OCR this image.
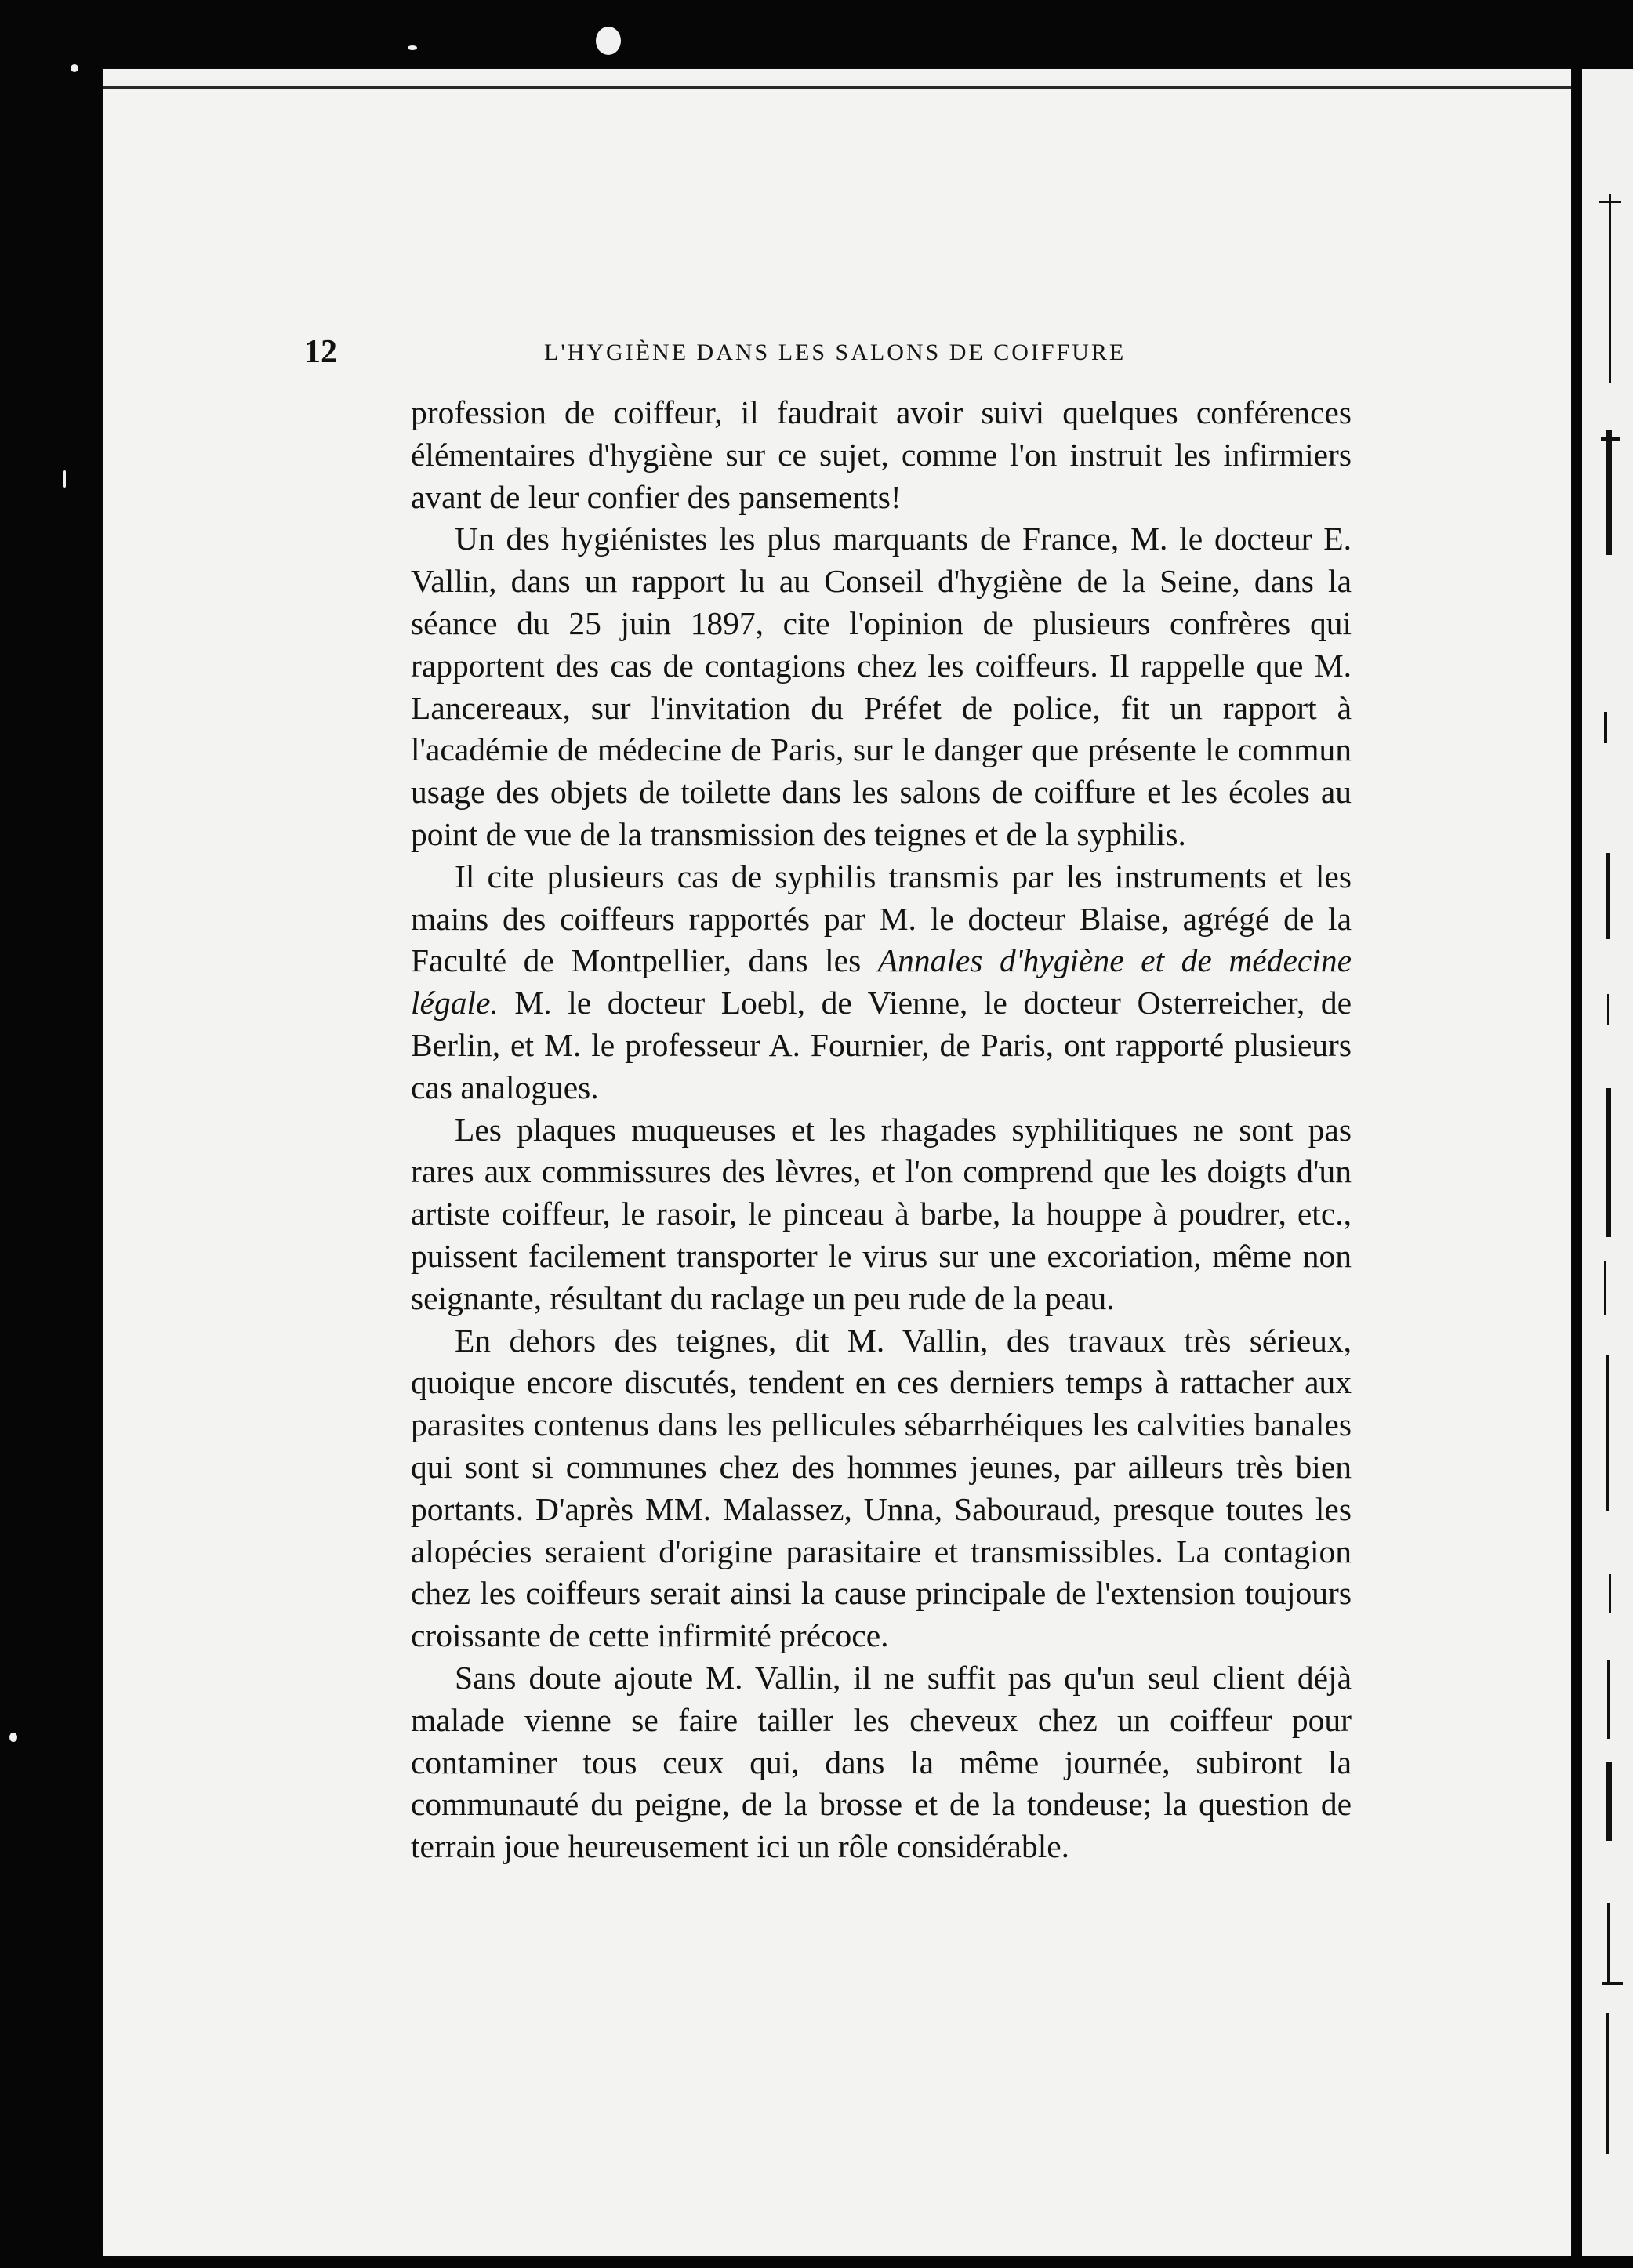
12	L'HYGIÈNE DANS LES SALONS DE COIFFURE

profession de coiffeur, il faudrait avoir suivi quelques conférences élémentaires d'hygiène sur ce sujet, comme l'on instruit les infirmiers avant de leur confier des pansements!

Un des hygiénistes les plus marquants de France, M. le docteur E. Vallin, dans un rapport lu au Conseil d'hygiène de la Seine, dans la séance du 25 juin 1897, cite l'opinion de plusieurs confrères qui rapportent des cas de contagions chez les coiffeurs. Il rappelle que M. Lancereaux, sur l'invitation du Préfet de police, fit un rapport à l'académie de médecine de Paris, sur le danger que présente le commun usage des objets de toilette dans les salons de coiffure et les écoles au point de vue de la transmission des teignes et de la syphilis.

Il cite plusieurs cas de syphilis transmis par les instruments et les mains des coiffeurs rapportés par M. le docteur Blaise, agrégé de la Faculté de Montpellier, dans les Annales d'hygiène et de médecine légale. M. le docteur Loebl, de Vienne, le docteur Osterreicher, de Berlin, et M. le professeur A. Fournier, de Paris, ont rapporté plusieurs cas analogues.

Les plaques muqueuses et les rhagades syphilitiques ne sont pas rares aux commissures des lèvres, et l'on comprend que les doigts d'un artiste coiffeur, le rasoir, le pinceau à barbe, la houppe à poudrer, etc., puissent facilement transporter le virus sur une excoriation, même non seignante, résultant du raclage un peu rude de la peau.

En dehors des teignes, dit M. Vallin, des travaux très sérieux, quoique encore discutés, tendent en ces derniers temps à rattacher aux parasites contenus dans les pellicules sébarrhéiques les calvities banales qui sont si communes chez des hommes jeunes, par ailleurs très bien portants. D'après MM. Malassez, Unna, Sabouraud, presque toutes les alopécies seraient d'origine parasitaire et transmissibles. La contagion chez les coiffeurs serait ainsi la cause principale de l'extension toujours croissante de cette infirmité précoce.

Sans doute ajoute M. Vallin, il ne suffit pas qu'un seul client déjà malade vienne se faire tailler les cheveux chez un coiffeur pour contaminer tous ceux qui, dans la même journée, subiront la communauté du peigne, de la brosse et de la tondeuse; la question de terrain joue heureusement ici un rôle considérable.
